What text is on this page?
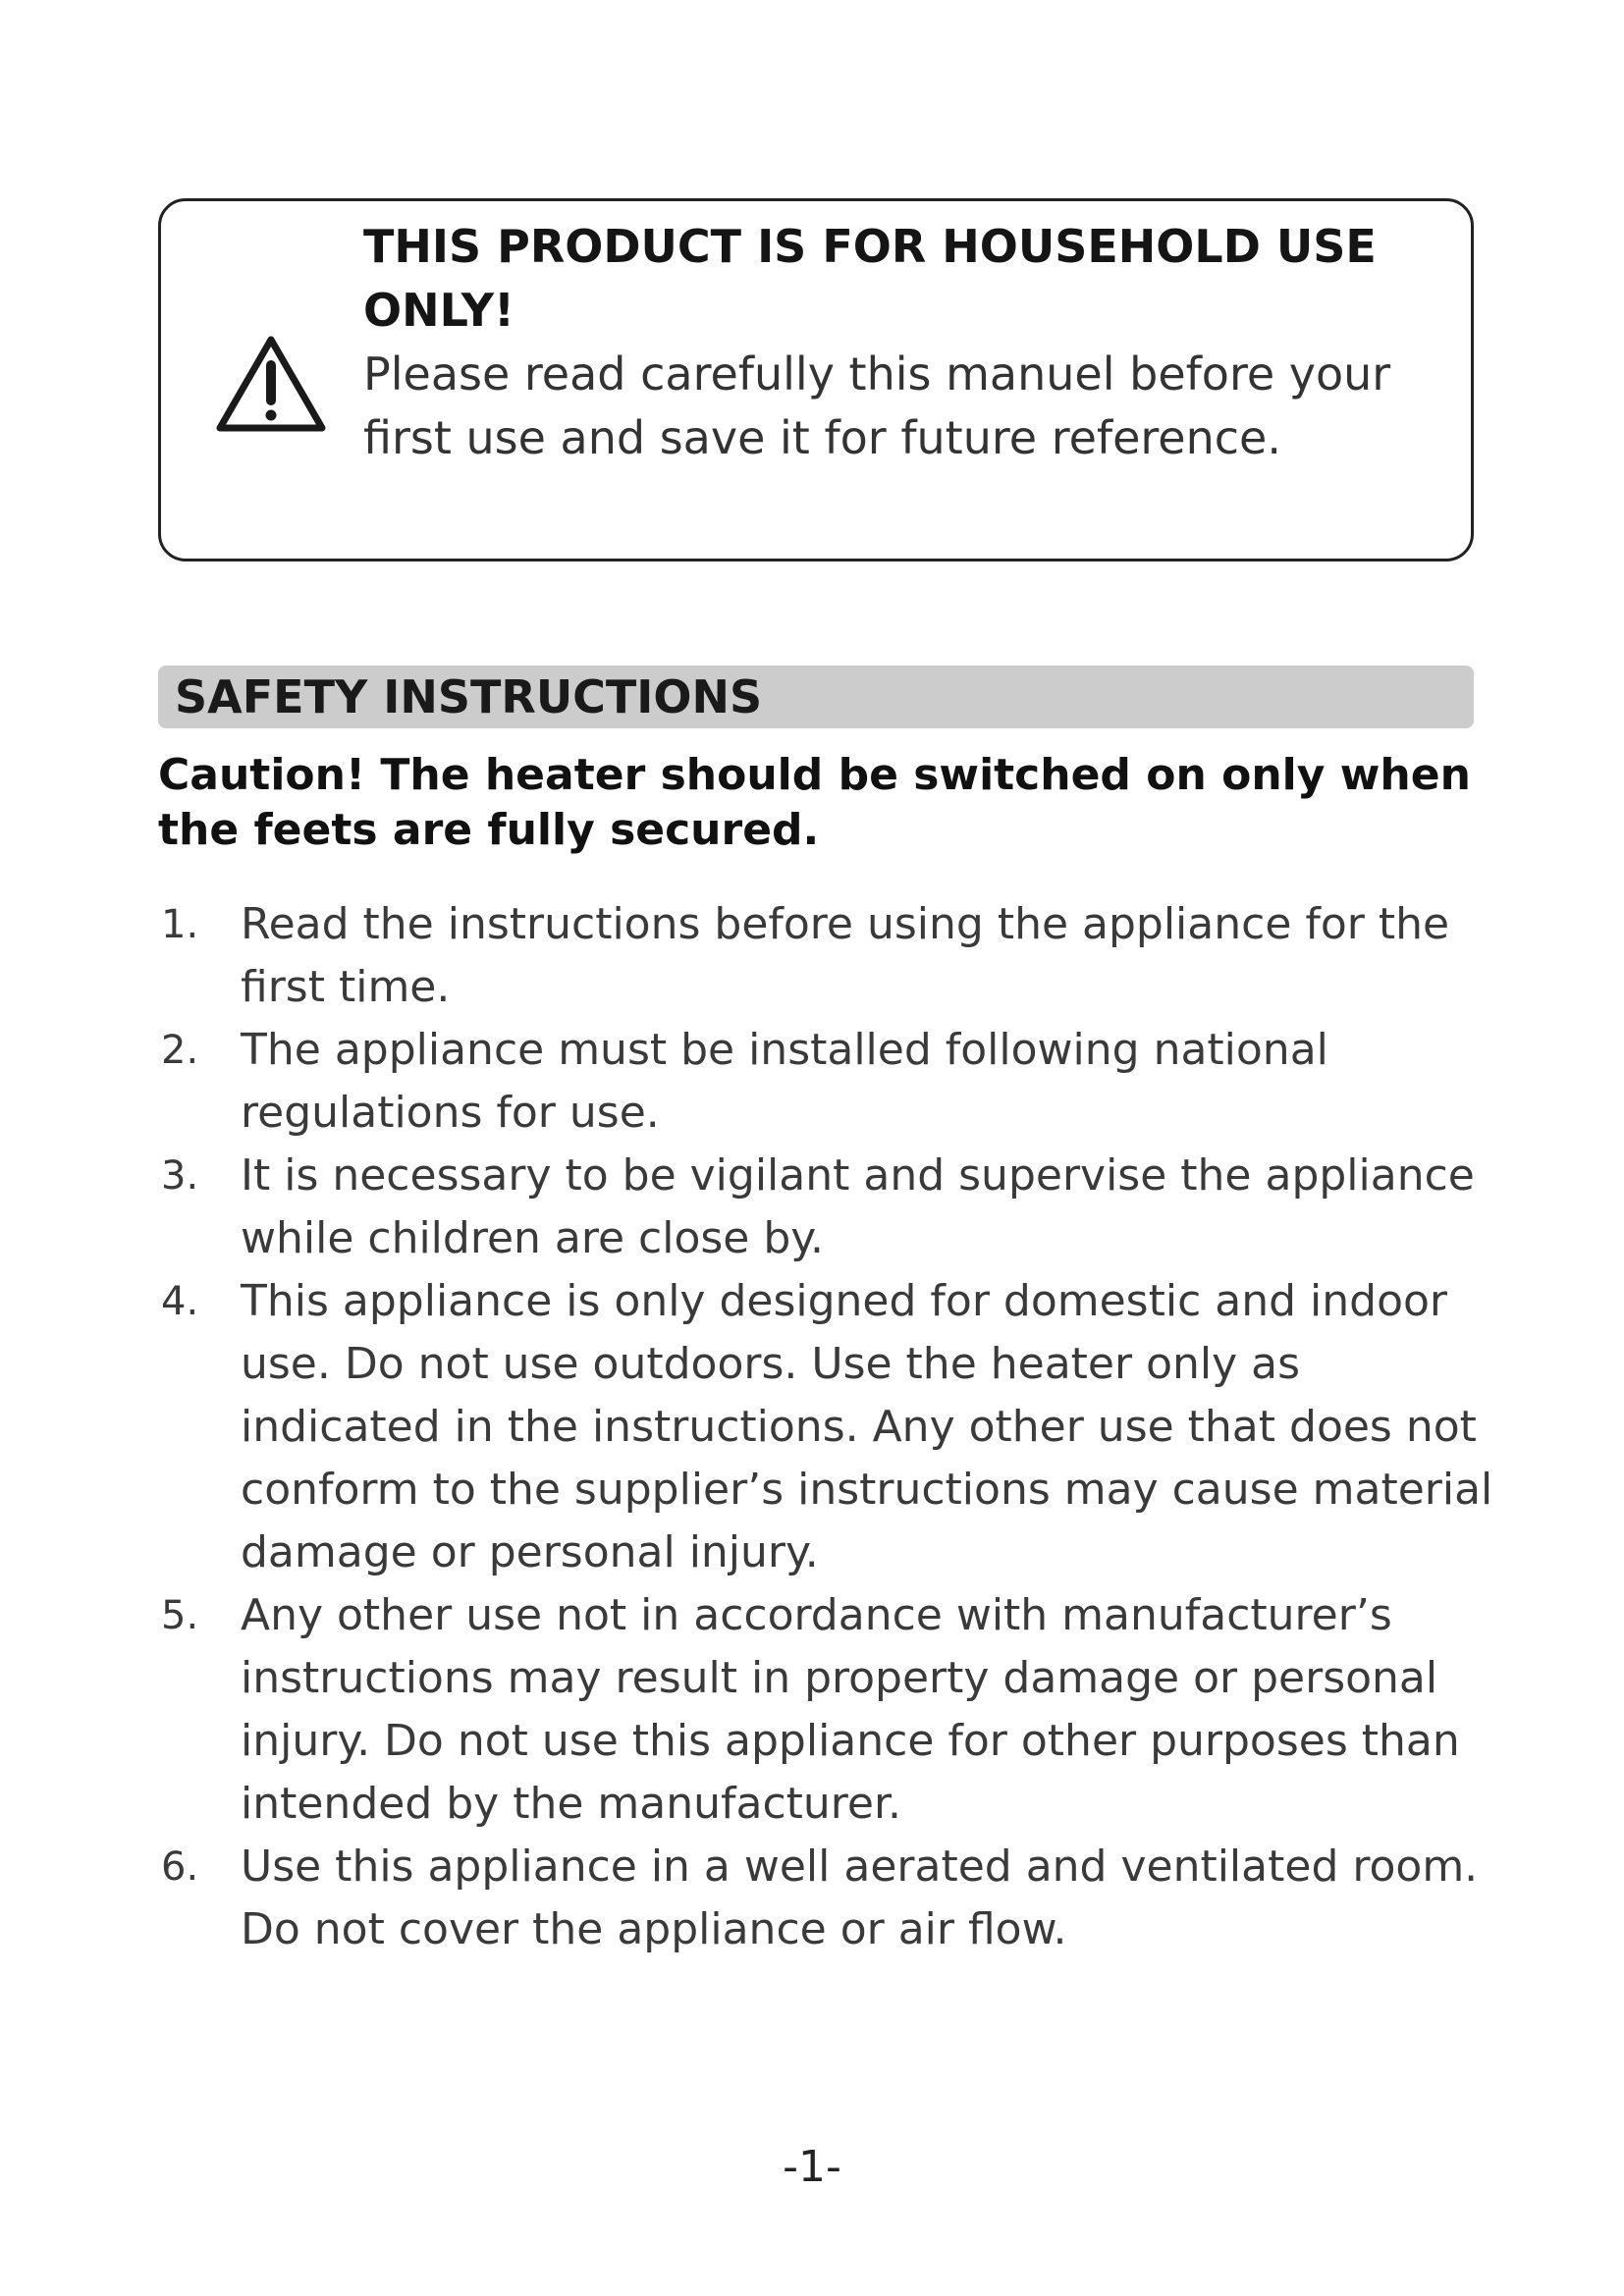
THIS PRODUCT IS FOR HOUSEHOLD USE ONLY!

Please read carefully this manuel before your first use and save it for future reference.

SAFETY INSTRUCTIONS

Caution! The heater should be switched on only when the feets are fully secured.

1. Read the instructions before using the appliance for the first time.
2. The appliance must be installed following national regulations for use.
3. It is necessary to be vigilant and supervise the appliance while children are close by.
4. This appliance is only designed for domestic and indoor use. Do not use outdoors. Use the heater only as indicated in the instructions. Any other use that does not conform to the supplier’s instructions may cause material damage or personal injury.
5. Any other use not in accordance with manufacturer’s instructions may result in property damage or personal injury. Do not use this appliance for other purposes than intended by the manufacturer.
6. Use this appliance in a well aerated and ventilated room. Do not cover the appliance or air flow.
-1-
